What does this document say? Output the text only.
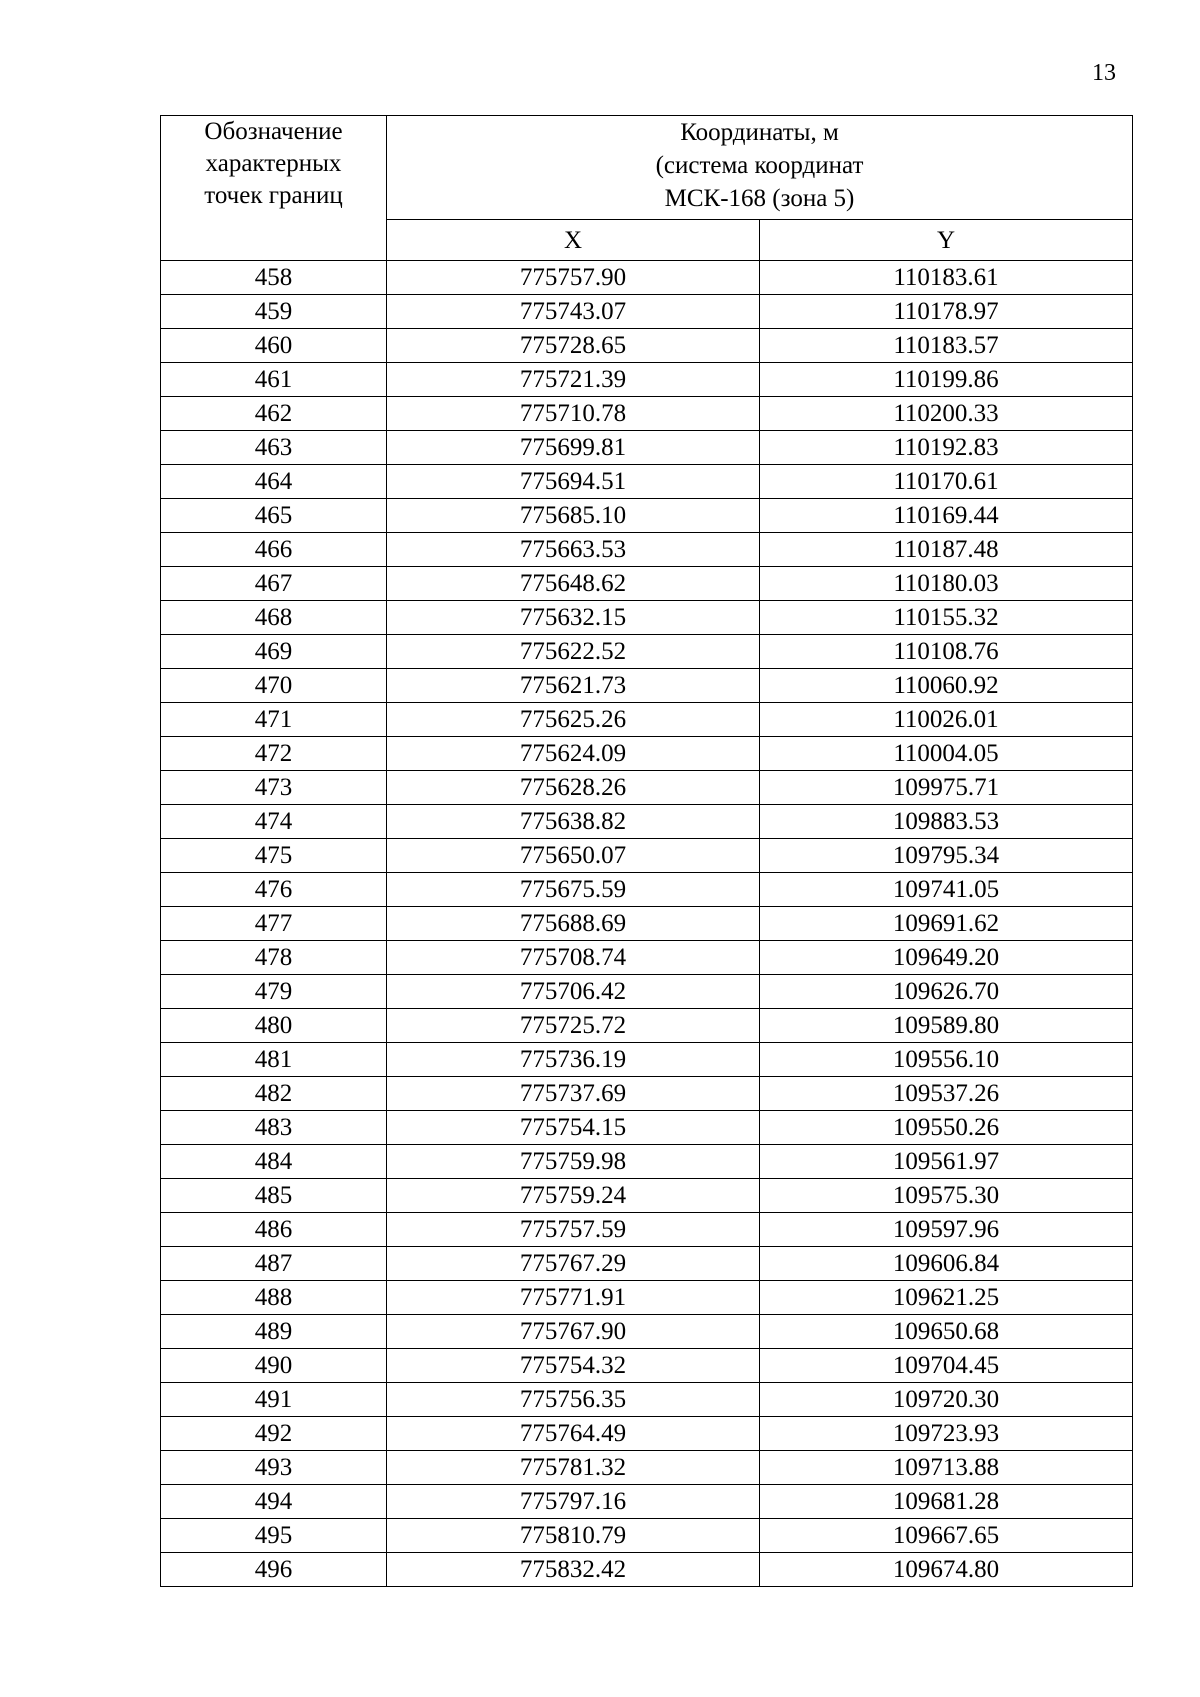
13
Обозначение
характерных
точек границ	Координаты, м
(система координат
МСК-168 (зона 5)	

	X	Y
458	775757.90	110183.61
459	775743.07	110178.97
460	775728.65	110183.57
461	775721.39	110199.86
462	775710.78	110200.33
463	775699.81	110192.83
464	775694.51	110170.61
465	775685.10	110169.44
466	775663.53	110187.48
467	775648.62	110180.03
468	775632.15	110155.32
469	775622.52	110108.76
470	775621.73	110060.92
471	775625.26	110026.01
472	775624.09	110004.05
473	775628.26	109975.71
474	775638.82	109883.53
475	775650.07	109795.34
476	775675.59	109741.05
477	775688.69	109691.62
478	775708.74	109649.20
479	775706.42	109626.70
480	775725.72	109589.80
481	775736.19	109556.10
482	775737.69	109537.26
483	775754.15	109550.26
484	775759.98	109561.97
485	775759.24	109575.30
486	775757.59	109597.96
487	775767.29	109606.84
488	775771.91	109621.25
489	775767.90	109650.68
490	775754.32	109704.45
491	775756.35	109720.30
492	775764.49	109723.93
493	775781.32	109713.88
494	775797.16	109681.28
495	775810.79	109667.65
496	775832.42	109674.80
